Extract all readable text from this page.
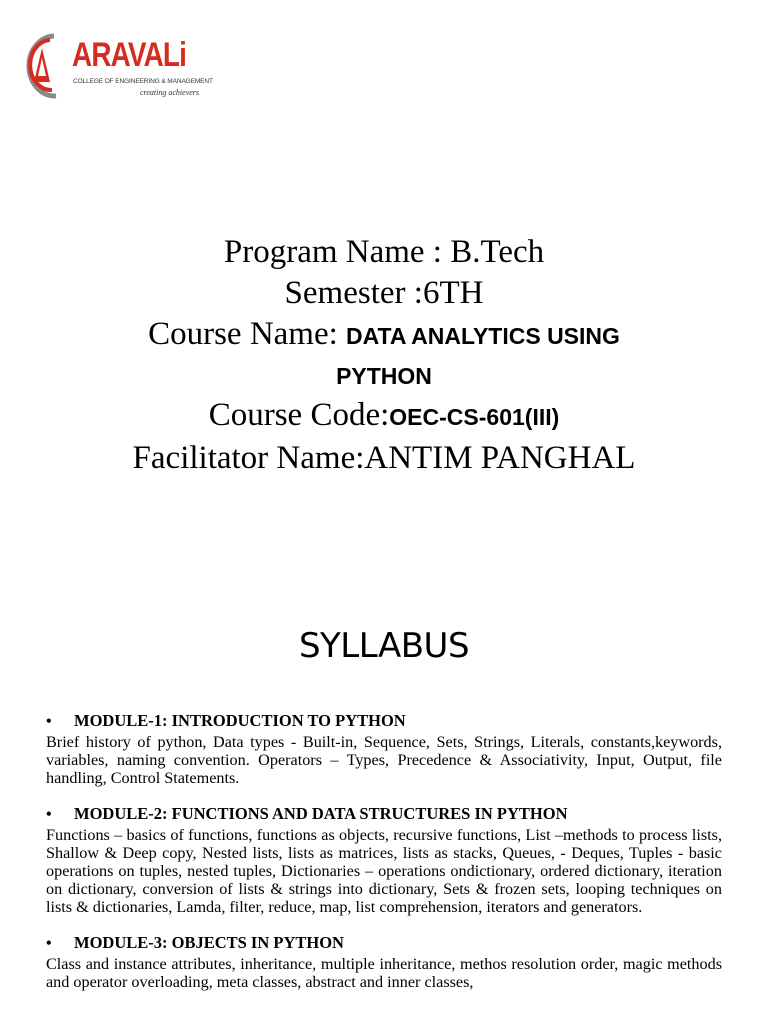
ARAVALi
COLLEGE OF ENGINEERING & MANAGEMENT
creating achievers
Program Name : B.Tech
Semester :6TH
Course Name: DATA ANALYTICS USING
PYTHON
Course Code:OEC-CS-601(III)
Facilitator Name:ANTIM PANGHAL
SYLLABUS
•	MODULE-1: INTRODUCTION TO PYTHON
Brief history of python, Data types - Built-in, Sequence, Sets, Strings, Literals, constants,keywords, variables, naming convention. Operators – Types, Precedence & Associativity, Input, Output, file handling, Control Statements.
•	MODULE-2: FUNCTIONS AND DATA STRUCTURES IN PYTHON
Functions – basics of functions, functions as objects, recursive functions, List –methods to process lists, Shallow & Deep copy, Nested lists, lists as matrices, lists as stacks, Queues, - Deques, Tuples - basic operations on tuples, nested tuples, Dictionaries – operations ondictionary, ordered dictionary, iteration on dictionary, conversion of lists & strings into dictionary, Sets & frozen sets, looping techniques on lists & dictionaries, Lamda, filter, reduce, map, list comprehension, iterators and generators.
•	MODULE-3: OBJECTS IN PYTHON
Class and instance attributes, inheritance, multiple inheritance, methos resolution order, magic methods and operator overloading, meta classes, abstract and inner classes,
